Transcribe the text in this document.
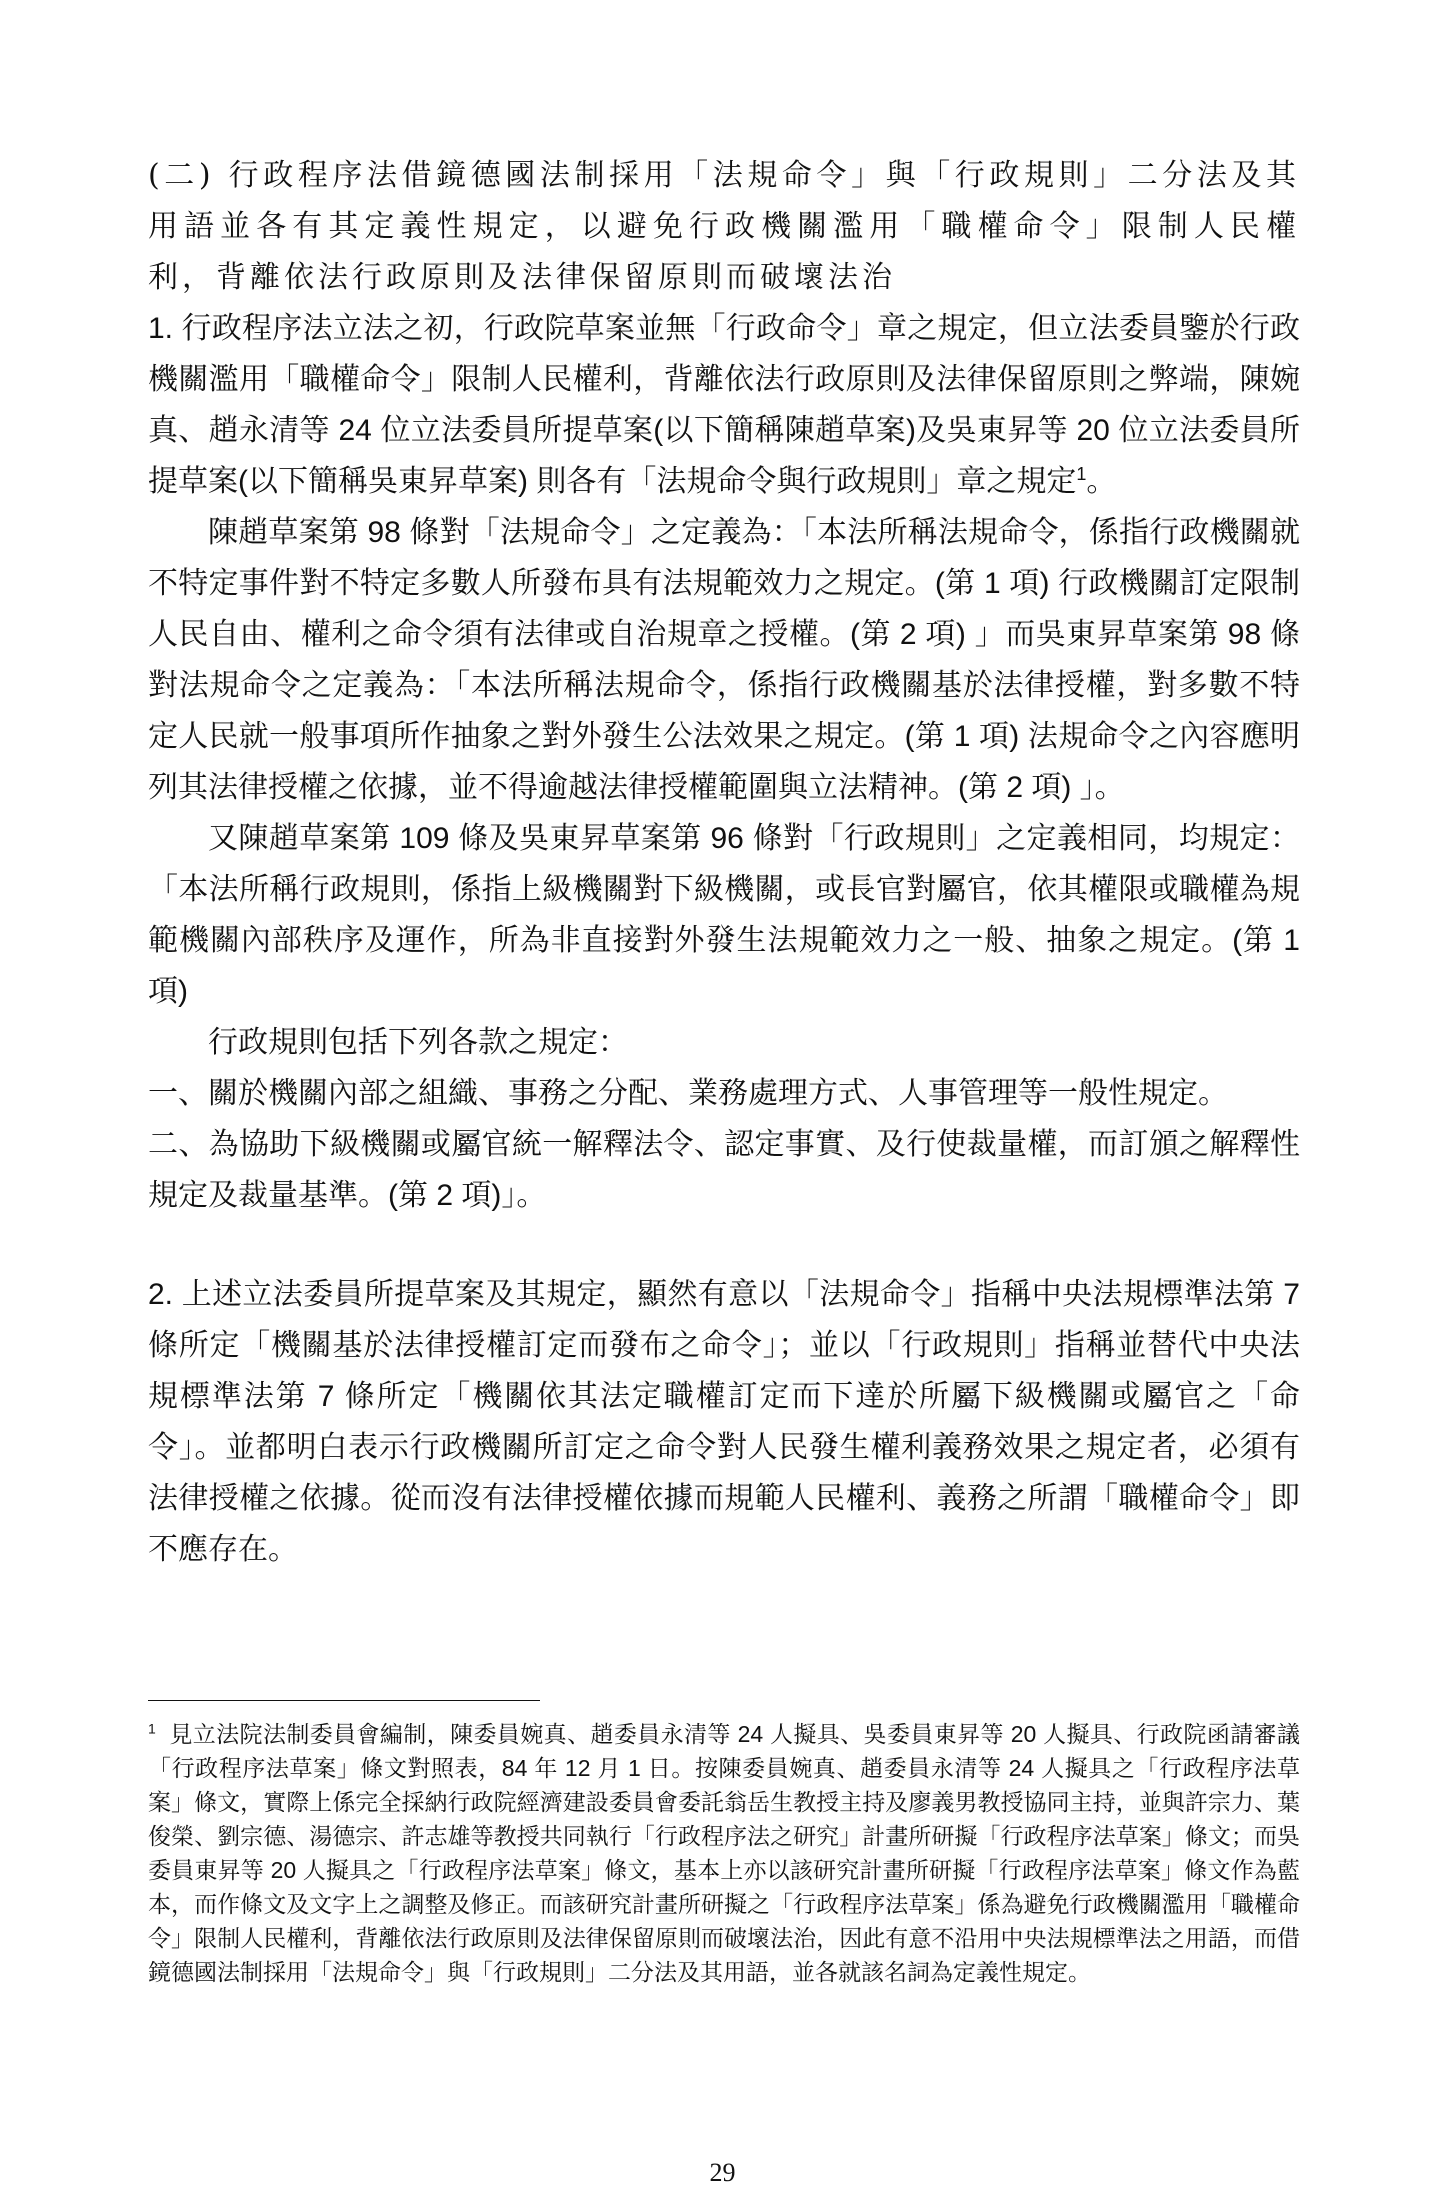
(二) 行政程序法借鏡德國法制採用「法規命令」與「行政規則」二分法及其用語並各有其定義性規定，以避免行政機關濫用「職權命令」限制人民權利，背離依法行政原則及法律保留原則而破壞法治

1. 行政程序法立法之初，行政院草案並無「行政命令」章之規定，但立法委員鑒於行政機關濫用「職權命令」限制人民權利，背離依法行政原則及法律保留原則之弊端，陳婉真、趙永清等 24 位立法委員所提草案(以下簡稱陳趙草案)及吳東昇等 20 位立法委員所提草案(以下簡稱吳東昇草案) 則各有「法規命令與行政規則」章之規定$^1$。

陳趙草案第 98 條對「法規命令」之定義為：「本法所稱法規命令，係指行政機關就不特定事件對不特定多數人所發布具有法規範效力之規定。(第 1 項) 行政機關訂定限制人民自由、權利之命令須有法律或自治規章之授權。(第 2 項) 」而吳東昇草案第 98 條對法規命令之定義為：「本法所稱法規命令，係指行政機關基於法律授權，對多數不特定人民就一般事項所作抽象之對外發生公法效果之規定。(第 1 項) 法規命令之內容應明列其法律授權之依據，並不得逾越法律授權範圍與立法精神。(第 2 項) 」。

又陳趙草案第 109 條及吳東昇草案第 96 條對「行政規則」之定義相同，均規定：「本法所稱行政規則，係指上級機關對下級機關，或長官對屬官，依其權限或職權為規範機關內部秩序及運作，所為非直接對外發生法規範效力之一般、抽象之規定。(第 1 項)

行政規則包括下列各款之規定：

一、關於機關內部之組織、事務之分配、業務處理方式、人事管理等一般性規定。

二、為協助下級機關或屬官統一解釋法令、認定事實、及行使裁量權，而訂頒之解釋性規定及裁量基準。(第 2 項)」。

2. 上述立法委員所提草案及其規定，顯然有意以「法規命令」指稱中央法規標準法第 7 條所定「機關基於法律授權訂定而發布之命令」；並以「行政規則」指稱並替代中央法規標準法第 7 條所定「機關依其法定職權訂定而下達於所屬下級機關或屬官之「命令」。並都明白表示行政機關所訂定之命令對人民發生權利義務效果之規定者，必須有法律授權之依據。從而沒有法律授權依據而規範人民權利、義務之所謂「職權命令」即不應存在。

$^1$ 見立法院法制委員會編制，陳委員婉真、趙委員永清等 24 人擬具、吳委員東昇等 20 人擬具、行政院函請審議「行政程序法草案」條文對照表，84 年 12 月 1 日。按陳委員婉真、趙委員永清等 24 人擬具之「行政程序法草案」條文，實際上係完全採納行政院經濟建設委員會委託翁岳生教授主持及廖義男教授協同主持，並與許宗力、葉俊榮、劉宗德、湯德宗、許志雄等教授共同執行「行政程序法之研究」計畫所研擬「行政程序法草案」條文；而吳委員東昇等 20 人擬具之「行政程序法草案」條文，基本上亦以該研究計畫所研擬「行政程序法草案」條文作為藍本，而作條文及文字上之調整及修正。而該研究計畫所研擬之「行政程序法草案」係為避免行政機關濫用「職權命令」限制人民權利，背離依法行政原則及法律保留原則而破壞法治，因此有意不沿用中央法規標準法之用語，而借鏡德國法制採用「法規命令」與「行政規則」二分法及其用語，並各就該名詞為定義性規定。
29
